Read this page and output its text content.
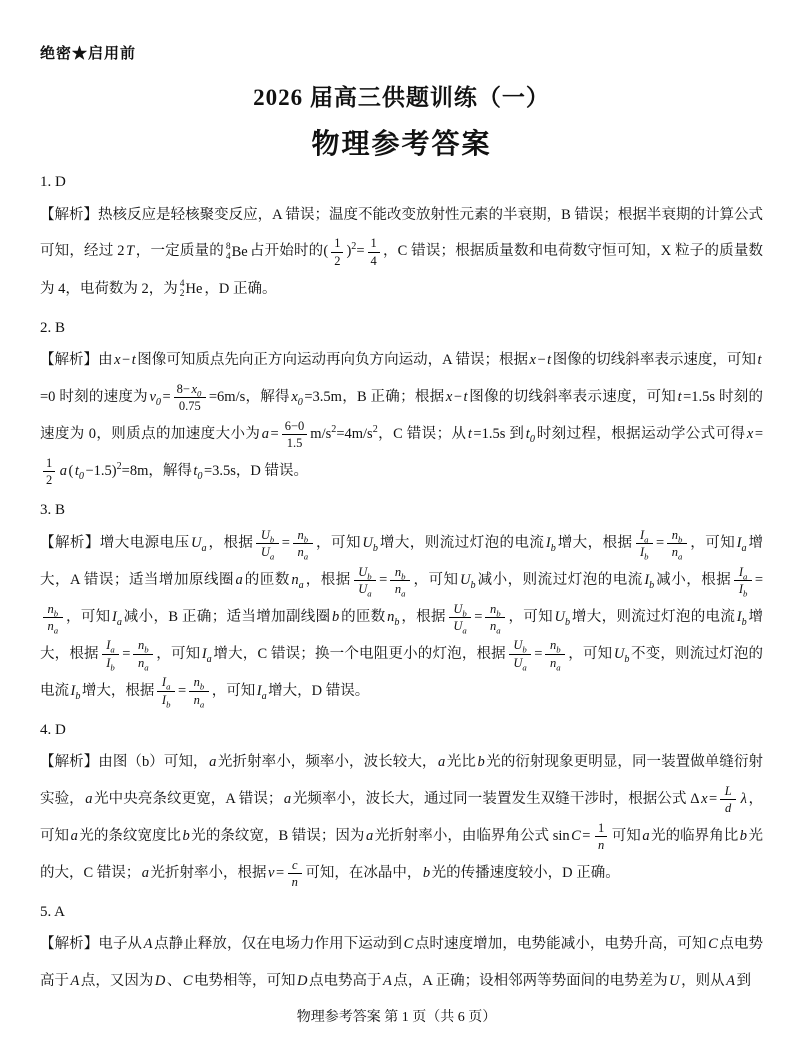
绝密★启用前
2026 届高三供题训练（一）
物理参考答案
1. D

【解析】热核反应是轻核聚变反应，A 错误；温度不能改变放射性元素的半衰期，B 错误；根据半衰期的计算公式可知，经过 2 T ，一定质量的 8
4 Be 占开始时的( $\frac{1}{2} )^2= \frac{1}{4}$ ，C 错误；根据质量数和电荷数守恒可知，X 粒子的质量数为 4，电荷数为 2，为 4
2 He ，D 正确。

2. B

【解析】由 x − t 图像可知质点先向正方向运动再向负方向运动，A 错误；根据 x − t 图像的切线斜率表示速度，可知 t=0 时刻的速度为 $v_0 = \frac{8- x_0}{0.75} =6m/s$，解得 $x_0 =3.5m$，B 正确；根据 x − t 图像的切线斜率表示速度，可知 t =1.5s 时刻的速度为 0，则质点的加速度大小为 $a = \frac{6-0}{1.5} m/s^2=4m/s^2$，C 错误；从 t =1.5s 到 $t_0$ 时刻过程，根据运动学公式可得 x =
$\frac{1}{2}$ a ( $t_0 -1.5)^2=8m$，解得 $t_0 =3.5s$，D 错误。

3. B

【解析】增大电源电压 $U_a$ ，根据 $\frac{U_b}{U_a} = \frac{n_b}{n_a}$ ，可知 $U_b$ 增大，则流过灯泡的电流 $I_b$ 增大，根据 $\frac{I_a}{I_b} = \frac{n_b}{n_a}$ ，可知 $I_a$ 增大，A 错误；适当增加原线圈 a 的匝数 $n_a$ ，根据 $\frac{U_b}{U_a} = \frac{n_b}{n_a}$ ，可知 $U_b$ 减小，则流过灯泡的电流 $I_b$ 减小，根据 $\frac{I_a}{I_b}$ =
$\frac{n_b}{n_a}$ ，可知 $I_a$ 减小，B 正确；适当增加副线圈 b 的匝数 $n_b$ ，根据 $\frac{U_b}{U_a} = \frac{n_b}{n_a}$ ，可知 $U_b$ 增大，则流过灯泡的电流 $I_b$ 增大，根据 $\frac{I_a}{I_b} = \frac{n_b}{n_a}$ ，可知 $I_a$ 增大，C 错误；换一个电阻更小的灯泡，根据 $\frac{U_b}{U_a} = \frac{n_b}{n_a}$ ，可知 $U_b$ 不变，则流过灯泡的电流 $I_b$ 增大，根据 $\frac{I_a}{I_b} = \frac{n_b}{n_a}$ ，可知 $I_a$ 增大，D 错误。

4. D

【解析】由图（b）可知， a 光折射率小，频率小，波长较大， a 光比 b 光的衍射现象更明显，同一装置做单缝衍射实验， a 光中央亮条纹更宽，A 错误； a 光频率小，波长大，通过同一装置发生双缝干涉时，根据公式 Δ $x = \frac{L}{d}$ λ ，可知 a 光的条纹宽度比 b 光的条纹宽，B 错误；因为 a 光折射率小，由临界角公式 $\sin C = \frac{1}{n}$ 可知 a 光的临界角比 b 光的大，C 错误； a 光折射率小，根据 $v = \frac{c}{n}$ 可知，在冰晶中， b 光的传播速度较小，D 正确。

5. A

【解析】电子从 A 点静止释放，仅在电场力作用下运动到 C 点时速度增加，电势能减小，电势升高，可知 C 点电势高于 A 点，又因为 D 、 C 电势相等，可知 D 点电势高于 A 点，A 正确；设相邻两等势面间的电势差为 U ，则从 A 到

物理参考答案 第 1 页（共 6 页）
